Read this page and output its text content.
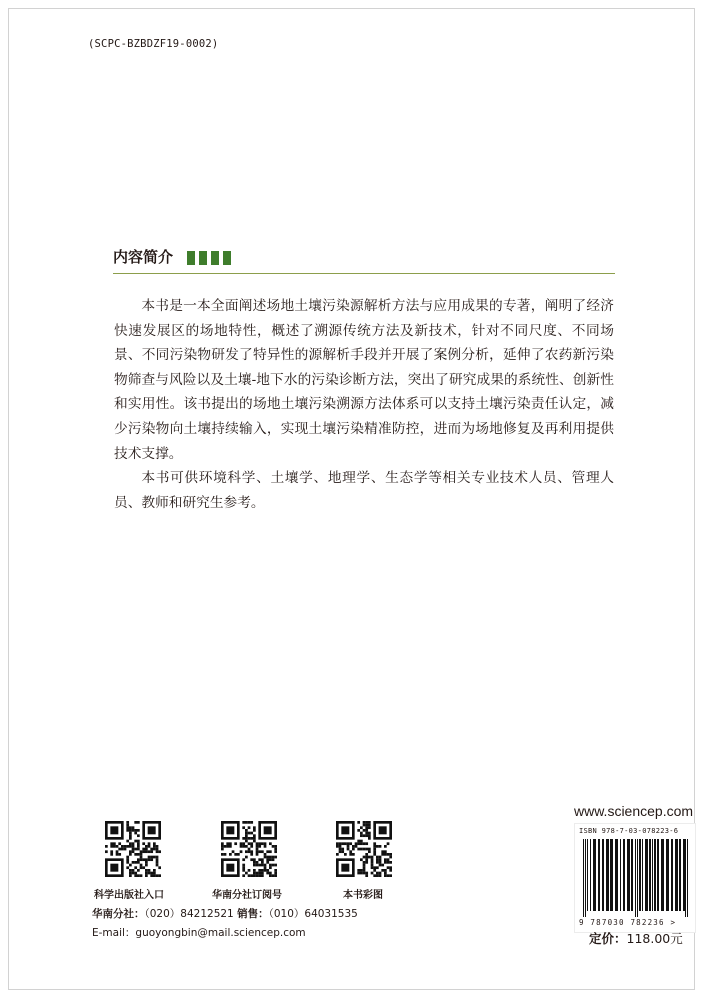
(SCPC-BZBDZF19-0002)
内容简介

本书是一本全面阐述场地土壤污染源解析方法与应用成果的专著，阐明了经济快速发展区的场地特性，概述了溯源传统方法及新技术，针对不同尺度、不同场景、不同污染物研发了特异性的源解析手段并开展了案例分析，延伸了农药新污染物筛查与风险以及土壤-地下水的污染诊断方法，突出了研究成果的系统性、创新性和实用性。该书提出的场地土壤污染溯源方法体系可以支持土壤污染责任认定，减少污染物向土壤持续输入，实现土壤污染精准防控，进而为场地修复及再利用提供技术支撑。

本书可供环境科学、土壤学、地理学、生态学等相关专业技术人员、管理人员、教师和研究生参考。

科学出版社入口	华南分社订阅号	本书彩图
华南分社：（020）84212521 销售：（010）64031535
E-mail：guoyongbin@mail.sciencep.com
www.sciencep.com
ISBN 978-7-03-078223-6
9 787030 782236 >
定价：118.00元
